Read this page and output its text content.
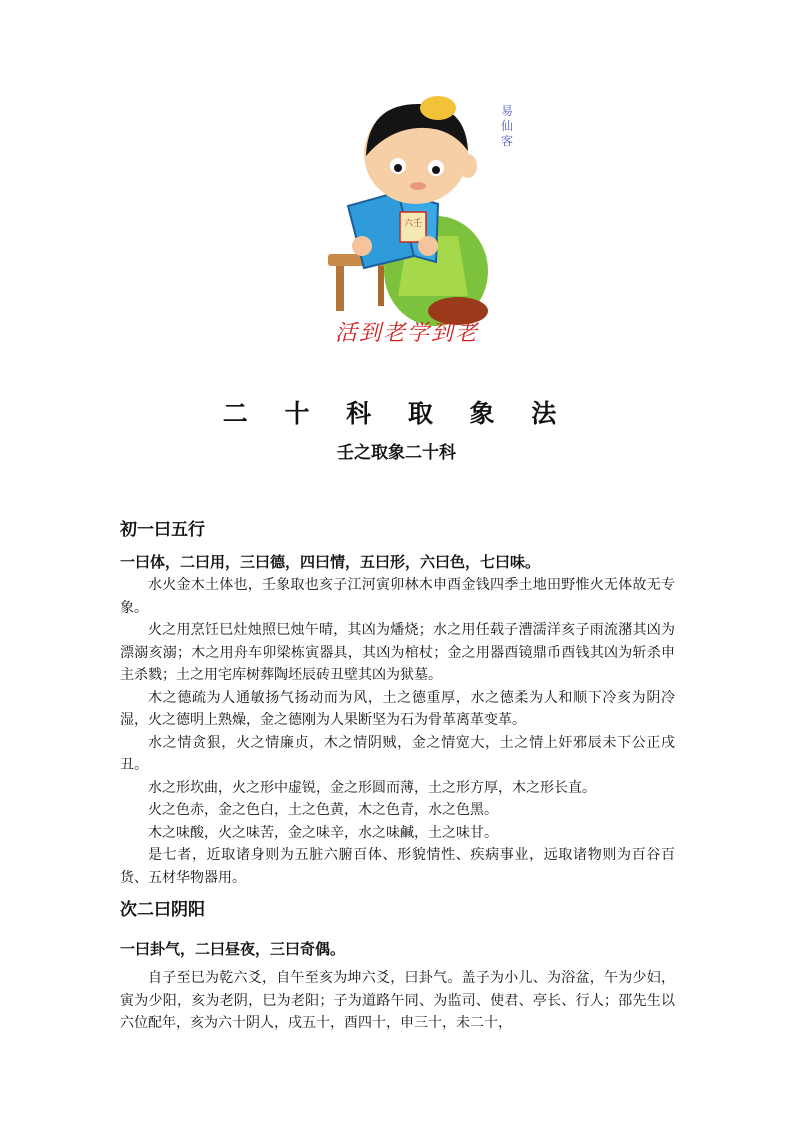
六壬
易
仙
客
活到老学到老
二 十 科 取 象 法
壬之取象二十科

初一曰五行

一曰体，二曰用，三曰德，四曰情，五曰形，六曰色，七曰味。

水火金木土体也，壬象取也亥子江河寅卯林木申酉金钱四季土地田野惟火无体故无专象。

火之用烹饪巳灶烛照巳烛午晴，其凶为燔烧；水之用任载子漕濡洋亥子雨流潴其凶为漂溺亥溺；木之用舟车卯梁栋寅器具，其凶为棺杖；金之用器酉镜鼎币酉钱其凶为斩杀申主杀戮；土之用宅库树葬陶坯辰砖丑壁其凶为狱墓。

木之德疏为人通敏扬气扬动而为风，土之德重厚，水之德柔为人和顺下冷亥为阴冷湿，火之德明上熟燥，金之德刚为人果断坚为石为骨革离革变革。

水之情贪狠，火之情廉贞，木之情阴贼，金之情宽大，土之情上奸邪辰未下公正戌丑。

水之形坎曲，火之形中虚锐，金之形圆而薄，土之形方厚，木之形长直。

火之色赤，金之色白，土之色黄，木之色青，水之色黑。

木之味酸，火之味苦，金之味辛，水之味鹹，土之味甘。

是七者，近取诸身则为五脏六腑百体、形貌情性、疾病事业，远取诸物则为百谷百货、五材华物器用。

次二曰阴阳

一曰卦气，二曰昼夜，三曰奇偶。

自子至巳为乾六爻，自午至亥为坤六爻，曰卦气。盖子为小儿、为浴盆，午为少妇，寅为少阳，亥为老阴，巳为老阳；子为道路午同、为监司、使君、亭长、行人；邵先生以六位配年，亥为六十阴人，戌五十，酉四十，申三十，未二十，
